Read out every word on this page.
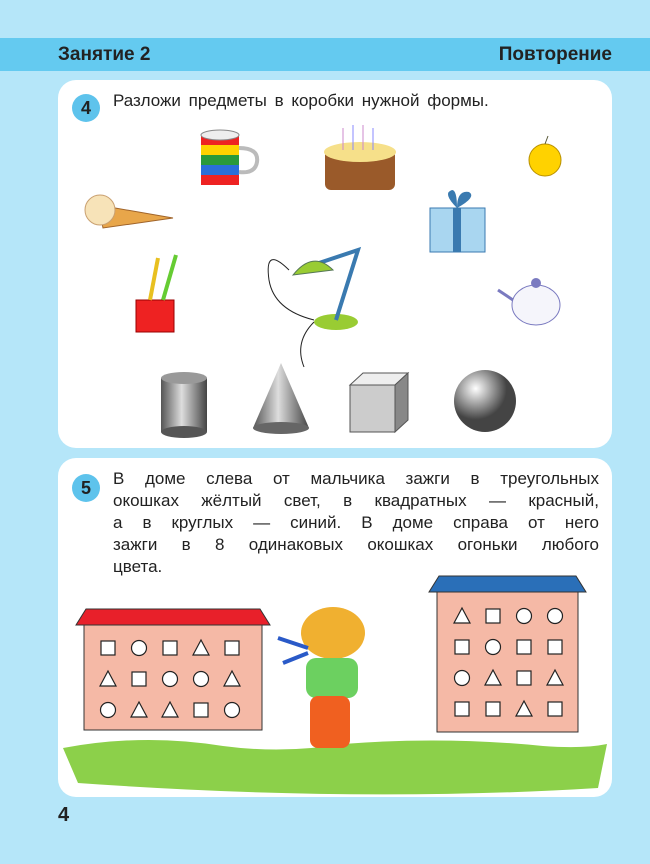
Занятие 2	Повторение
4	Разложи предметы в коробки нужной формы.
5	В доме слева от мальчика зажги в треугольных
окошках жёлтый свет, в квадратных — красный,
а в круглых — синий. В доме справа от него
зажги в 8 одинаковых окошках огоньки любого
цвета.
4
